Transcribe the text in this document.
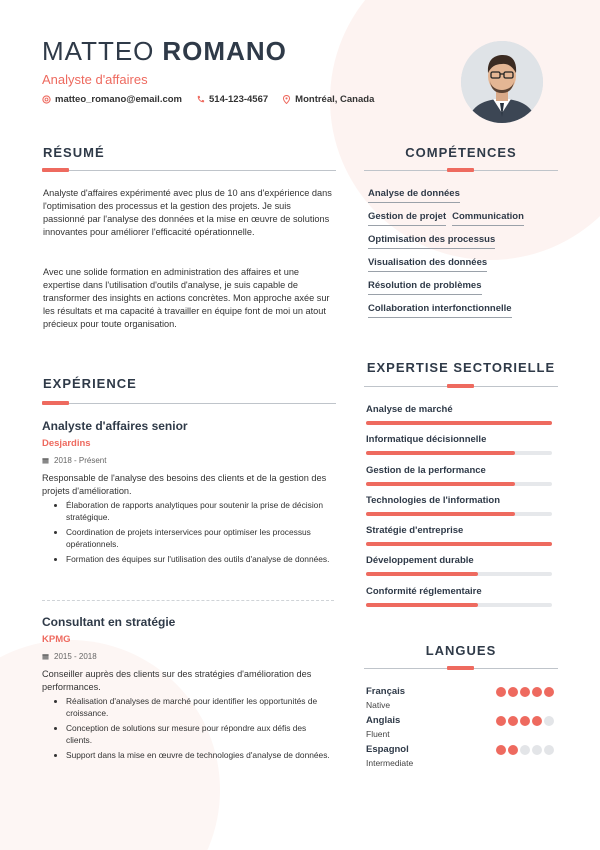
MATTEO ROMANO
Analyste d'affaires
matteo_romano@email.com	514-123-4567	Montréal, Canada
RÉSUMÉ
Analyste d'affaires expérimenté avec plus de 10 ans d'expérience dans l'optimisation des processus et la gestion des projets. Je suis passionné par l'analyse des données et la mise en œuvre de solutions innovantes pour améliorer l'efficacité opérationnelle.
Avec une solide formation en administration des affaires et une expertise dans l'utilisation d'outils d'analyse, je suis capable de transformer des insights en actions concrètes. Mon approche axée sur les résultats et ma capacité à travailler en équipe font de moi un atout précieux pour toute organisation.
COMPÉTENCES
Analyse de données
Gestion de projet Communication
Optimisation des processus
Visualisation des données
Résolution de problèmes
Collaboration interfonctionnelle
EXPÉRIENCE
Analyste d'affaires senior
Desjardins
2018 - Présent
Responsable de l'analyse des besoins des clients et de la gestion des projets d'amélioration.
• Élaboration de rapports analytiques pour soutenir la prise de décision stratégique.
• Coordination de projets interservices pour optimiser les processus opérationnels.
• Formation des équipes sur l'utilisation des outils d'analyse de données.
Consultant en stratégie
KPMG
2015 - 2018
Conseiller auprès des clients sur des stratégies d'amélioration des performances.
• Réalisation d'analyses de marché pour identifier les opportunités de croissance.
• Conception de solutions sur mesure pour répondre aux défis des clients.
• Support dans la mise en œuvre de technologies d'analyse de données.
EXPERTISE SECTORIELLE
Analyse de marché
Informatique décisionnelle
Gestion de la performance
Technologies de l'information
Stratégie d'entreprise
Développement durable
Conformité réglementaire
LANGUES
Français
Native
Anglais
Fluent
Espagnol
Intermediate
